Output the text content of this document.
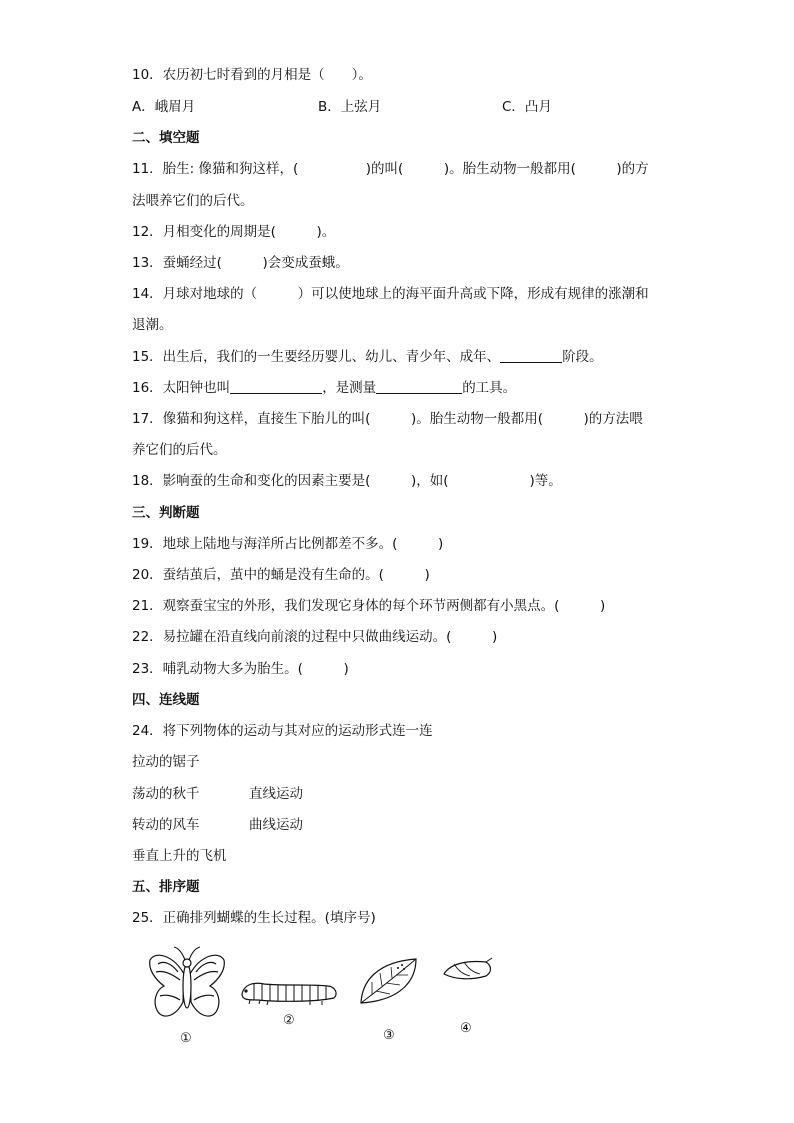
10．农历初七时看到的月相是（　　）。
A．峨眉月	B．上弦月	C．凸月
二、填空题
11．胎生: 像猫和狗这样，(　　　　　)的叫(　　　)。胎生动物一般都用(　　　)的方
法喂养它们的后代。
12．月相变化的周期是(　　　)。
13．蚕蛹经过(　　　)会变成蚕蛾。
14．月球对地球的（　　　）可以使地球上的海平面升高或下降，形成有规律的涨潮和
退潮。
15．出生后，我们的一生要经历婴儿、幼儿、青少年、成年、	阶段。
16．太阳钟也叫	，是测量	的工具。
17．像猫和狗这样，直接生下胎儿的叫(　　　)。胎生动物一般都用(　　　)的方法喂
养它们的后代。
18．影响蚕的生命和变化的因素主要是(　　　)，如(　　　　　　)等。
三、判断题
19．地球上陆地与海洋所占比例都差不多。(　　　)
20．蚕结茧后，茧中的蛹是没有生命的。(　　　)
21．观察蚕宝宝的外形，我们发现它身体的每个环节两侧都有小黑点。(　　　)
22．易拉罐在沿直线向前滚的过程中只做曲线运动。(　　　)
23．哺乳动物大多为胎生。(　　　)
四、连线题
24．将下列物体的运动与其对应的运动形式连一连
拉动的锯子
荡动的秋千	直线运动
转动的风车	曲线运动
垂直上升的飞机
五、排序题
25．正确排列蝴蝶的生长过程。(填序号)
①
②
③	④
